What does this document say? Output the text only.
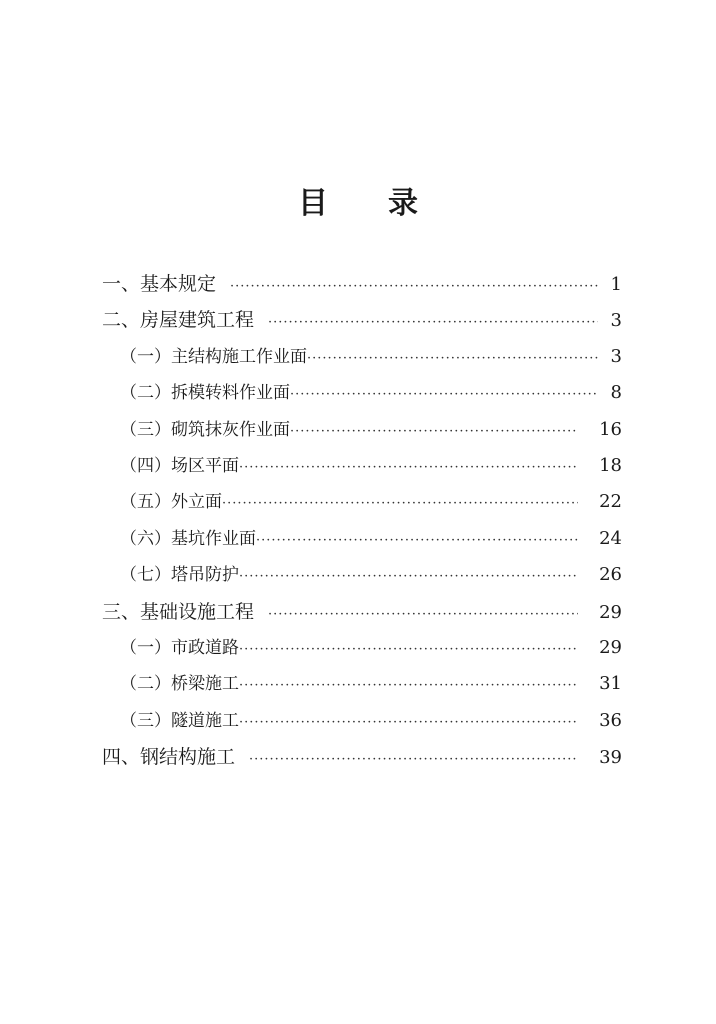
目 录
一、基本规定 ·····	1
二、房屋建筑工程 ·····	3
（一）主结构施工作业面 ·····	3
（二）拆模转料作业面 ·····	8
（三）砌筑抹灰作业面 ·····	16
（四）场区平面 ·····	18
（五）外立面 ·····	22
（六）基坑作业面 ·····	24
（七）塔吊防护 ·····	26
三、基础设施工程 ·····	29
（一）市政道路 ·····	29
（二）桥梁施工 ·····	31
（三）隧道施工 ·····	36
四、钢结构施工 ·····	39
